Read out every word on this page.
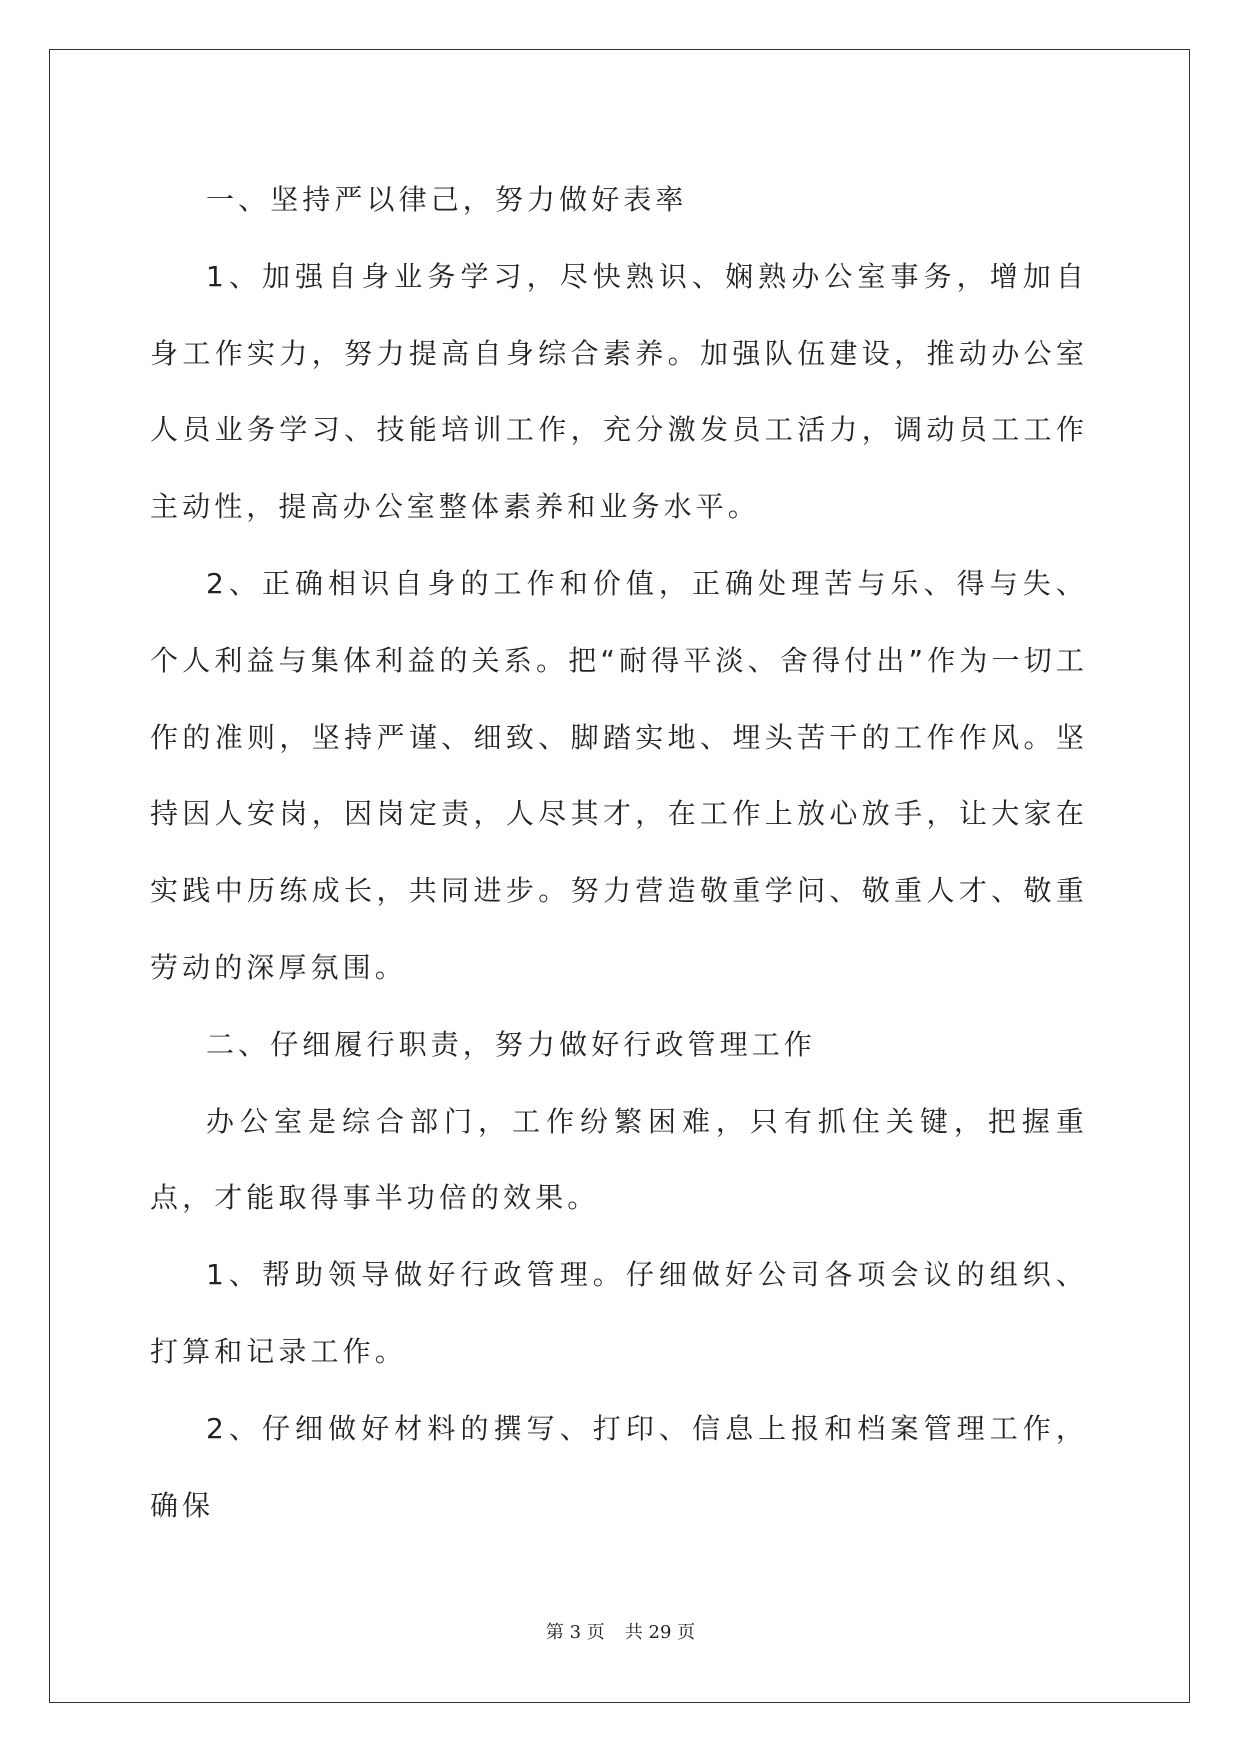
一、坚持严以律己，努力做好表率

1、加强自身业务学习，尽快熟识、娴熟办公室事务，增加自身工作实力，努力提高自身综合素养。加强队伍建设，推动办公室人员业务学习、技能培训工作，充分激发员工活力，调动员工工作主动性，提高办公室整体素养和业务水平。

2、正确相识自身的工作和价值，正确处理苦与乐、得与失、个人利益与集体利益的关系。把“耐得平淡、舍得付出”作为一切工作的准则，坚持严谨、细致、脚踏实地、埋头苦干的工作作风。坚持因人安岗，因岗定责，人尽其才，在工作上放心放手，让大家在实践中历练成长，共同进步。努力营造敬重学问、敬重人才、敬重劳动的深厚氛围。

二、仔细履行职责，努力做好行政管理工作

办公室是综合部门，工作纷繁困难，只有抓住关键，把握重点，才能取得事半功倍的效果。

1、帮助领导做好行政管理。仔细做好公司各项会议的组织、打算和记录工作。

2、仔细做好材料的撰写、打印、信息上报和档案管理工作，确保

第 3 页 共 29 页
